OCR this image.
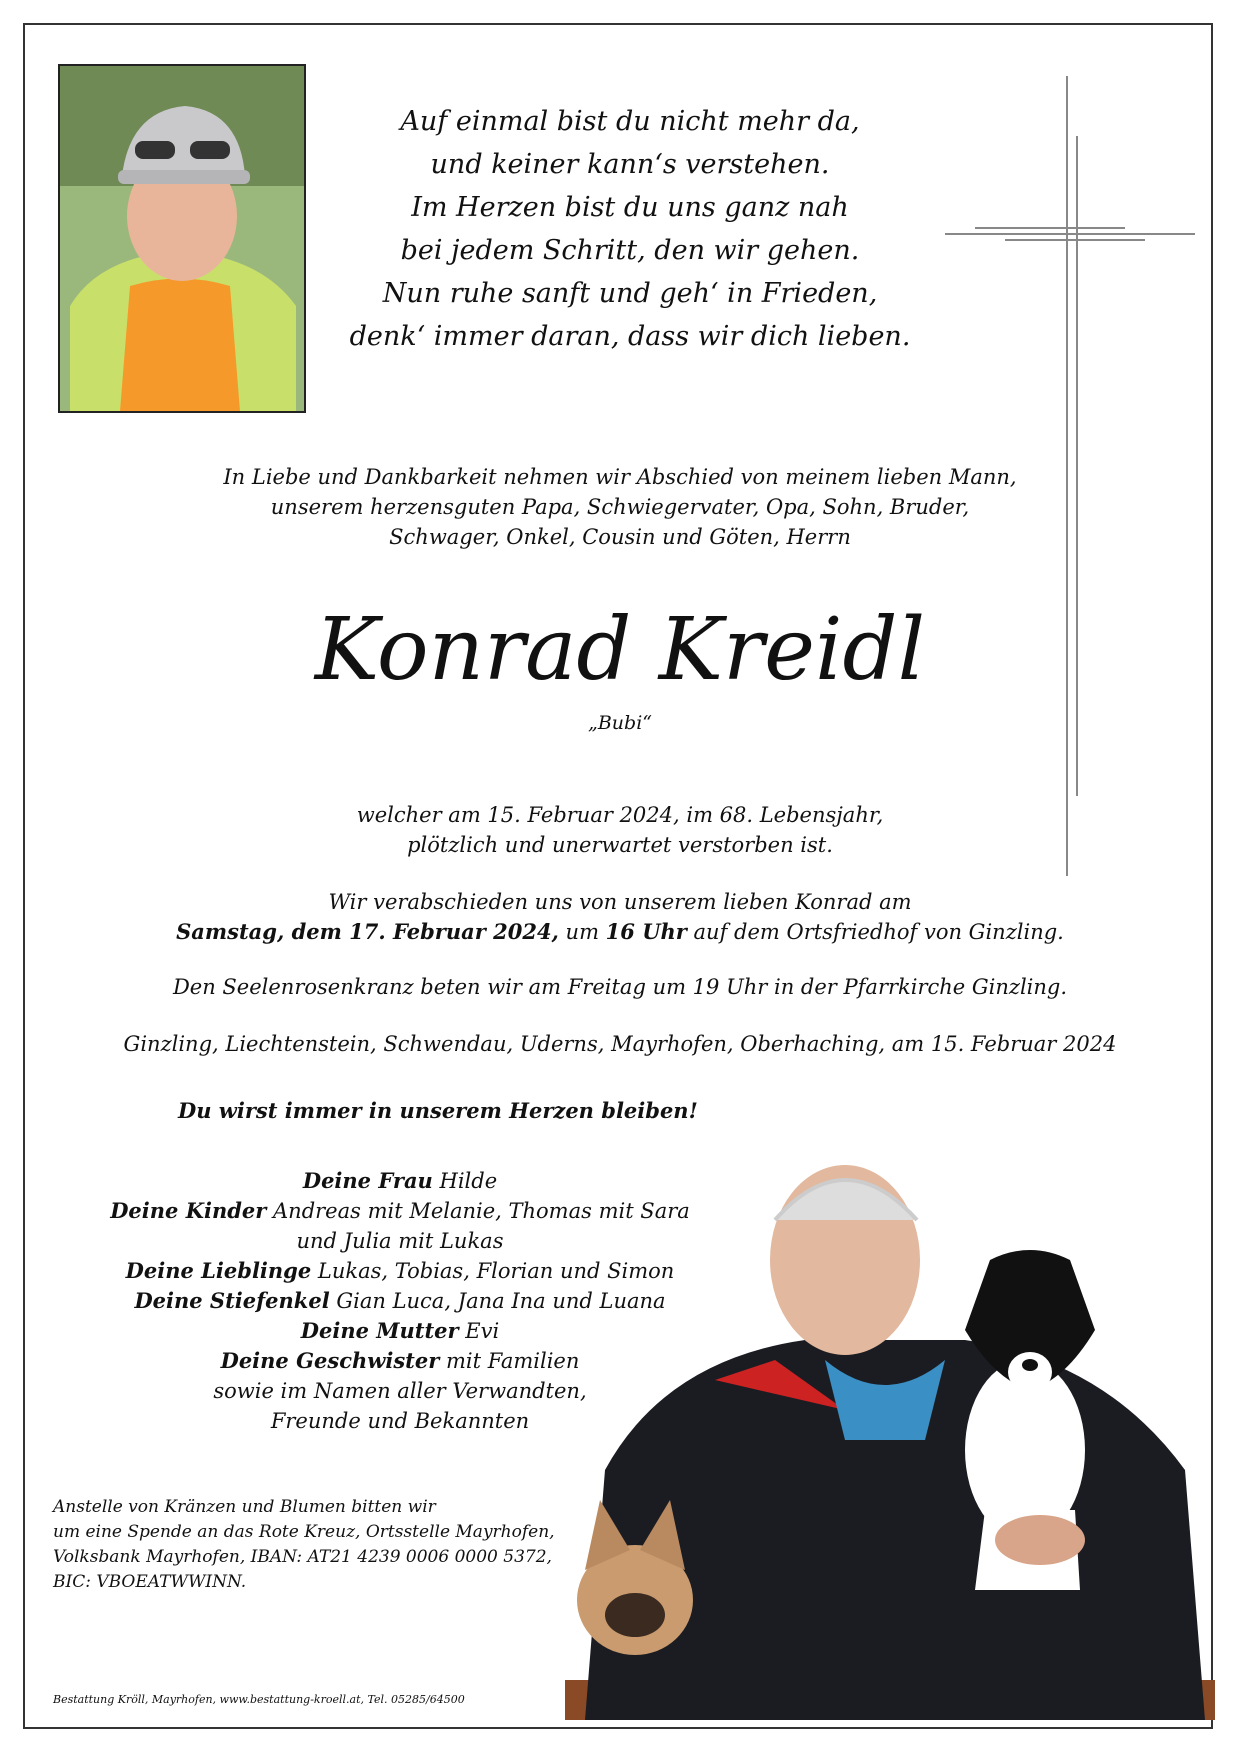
Auf einmal bist du nicht mehr da,
und keiner kann‘s verstehen.
Im Herzen bist du uns ganz nah
bei jedem Schritt, den wir gehen.
Nun ruhe sanft und geh‘ in Frieden,
denk‘ immer daran, dass wir dich lieben.
In Liebe und Dankbarkeit nehmen wir Abschied von meinem lieben Mann,
unserem herzensguten Papa, Schwiegervater, Opa, Sohn, Bruder,
Schwager, Onkel, Cousin und Göten, Herrn
Konrad Kreidl
„Bubi“
welcher am 15. Februar 2024, im 68. Lebensjahr,
plötzlich und unerwartet verstorben ist.
Wir verabschieden uns von unserem lieben Konrad am
Samstag, dem 17. Februar 2024, um 16 Uhr auf dem Ortsfriedhof von Ginzling.
Den Seelenrosenkranz beten wir am Freitag um 19 Uhr in der Pfarrkirche Ginzling.
Ginzling, Liechtenstein, Schwendau, Uderns, Mayrhofen, Oberhaching, am 15. Februar 2024
Du wirst immer in unserem Herzen bleiben!
Deine Frau Hilde
Deine Kinder Andreas mit Melanie, Thomas mit Sara
und Julia mit Lukas
Deine Lieblinge Lukas, Tobias, Florian und Simon
Deine Stiefenkel Gian Luca, Jana Ina und Luana
Deine Mutter Evi
Deine Geschwister mit Familien
sowie im Namen aller Verwandten,
Freunde und Bekannten
Anstelle von Kränzen und Blumen bitten wir
um eine Spende an das Rote Kreuz, Ortsstelle Mayrhofen,
Volksbank Mayrhofen, IBAN: AT21 4239 0006 0000 5372,
BIC: VBOEATWWINN.
Bestattung Kröll, Mayrhofen, www.bestattung-kroell.at, Tel. 05285/64500
